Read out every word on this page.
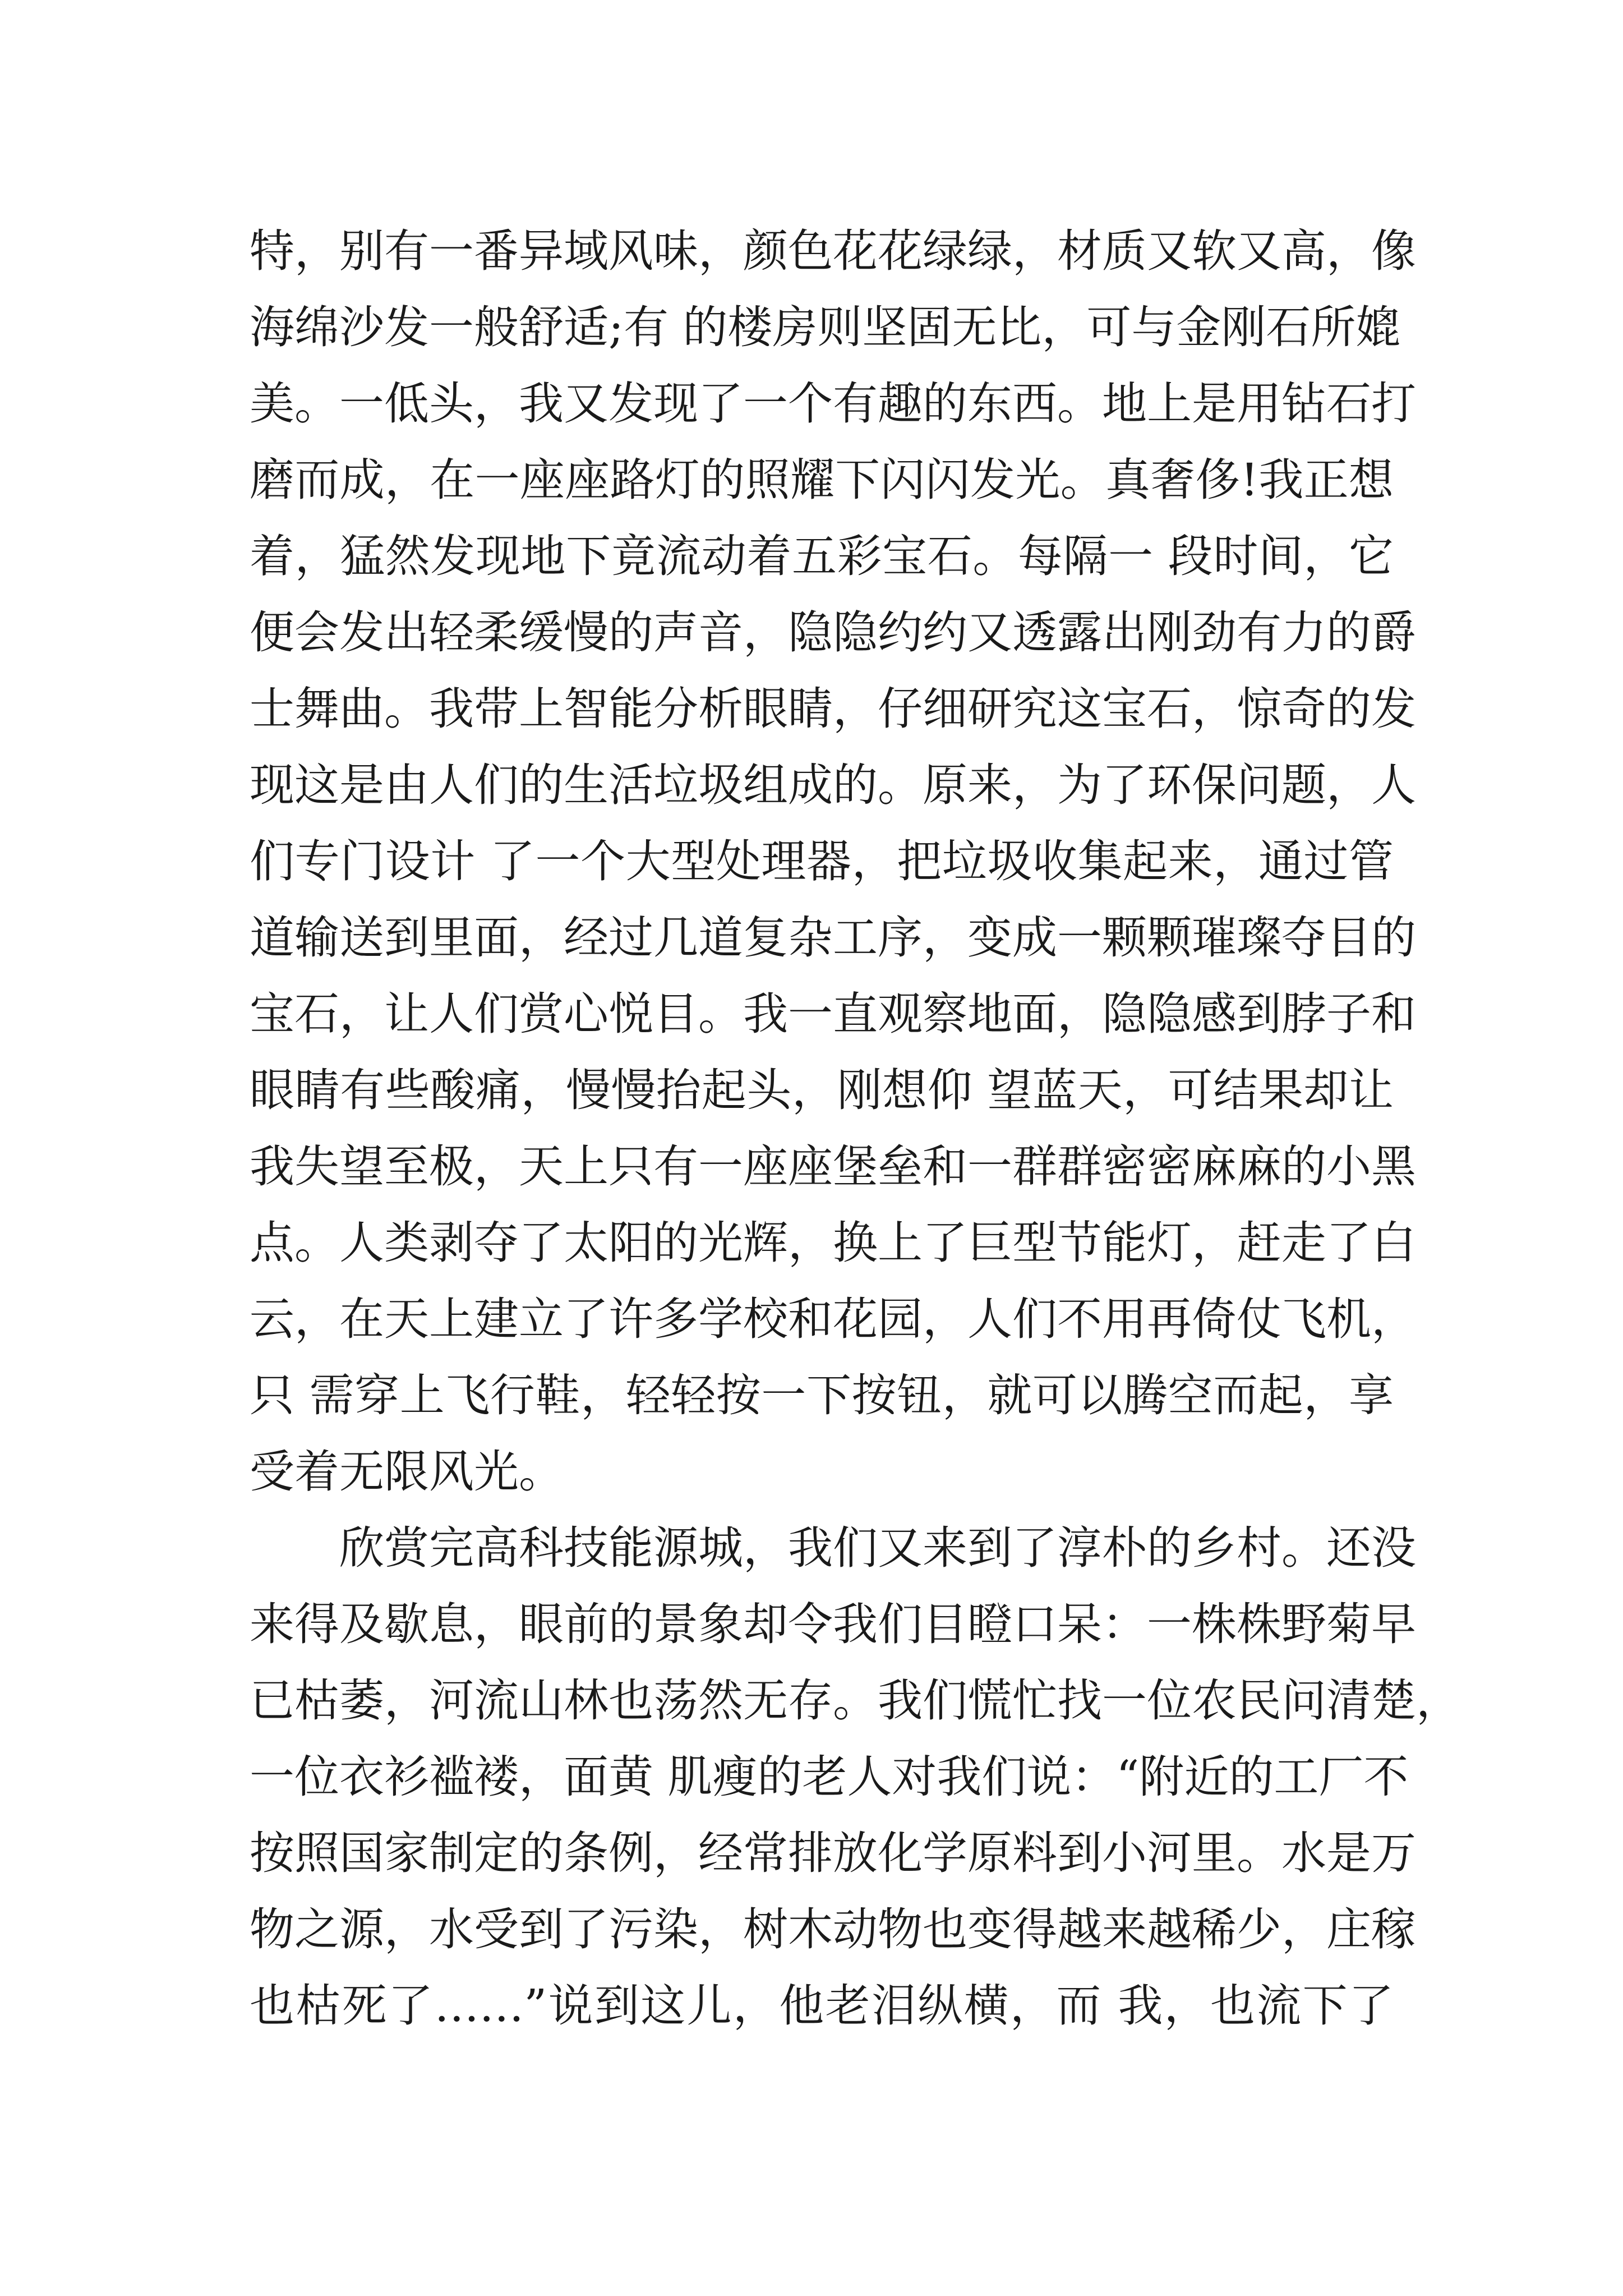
特，别有一番异域风味，颜色花花绿绿，材质又软又高，像
海绵沙发一般舒适;有 的楼房则坚固无比，可与金刚石所媲
美。一低头，我又发现了一个有趣的东西。地上是用钻石打
磨而成，在一座座路灯的照耀下闪闪发光。真奢侈!我正想
着，猛然发现地下竟流动着五彩宝石。每隔一 段时间，它
便会发出轻柔缓慢的声音，隐隐约约又透露出刚劲有力的爵
士舞曲。我带上智能分析眼睛，仔细研究这宝石，惊奇的发
现这是由人们的生活垃圾组成的。原来，为了环保问题，人
们专门设计 了一个大型处理器，把垃圾收集起来，通过管
道输送到里面，经过几道复杂工序，变成一颗颗璀璨夺目的
宝石，让人们赏心悦目。我一直观察地面，隐隐感到脖子和
眼睛有些酸痛，慢慢抬起头，刚想仰 望蓝天，可结果却让
我失望至极，天上只有一座座堡垒和一群群密密麻麻的小黑
点。人类剥夺了太阳的光辉，换上了巨型节能灯，赶走了白
云，在天上建立了许多学校和花园，人们不用再倚仗飞机，
只 需穿上飞行鞋，轻轻按一下按钮，就可以腾空而起，享
受着无限风光。
欣赏完高科技能源城，我们又来到了淳朴的乡村。还没
来得及歇息，眼前的景象却令我们目瞪口呆：一株株野菊早
已枯萎，河流山林也荡然无存。我们慌忙找一位农民问清楚，
一位衣衫褴褛，面黄 肌瘦的老人对我们说：“附近的工厂不
按照国家制定的条例，经常排放化学原料到小河里。水是万
物之源，水受到了污染，树木动物也变得越来越稀少，庄稼
也枯死了……”说到这儿，他老泪纵横，而 我，也流下了
